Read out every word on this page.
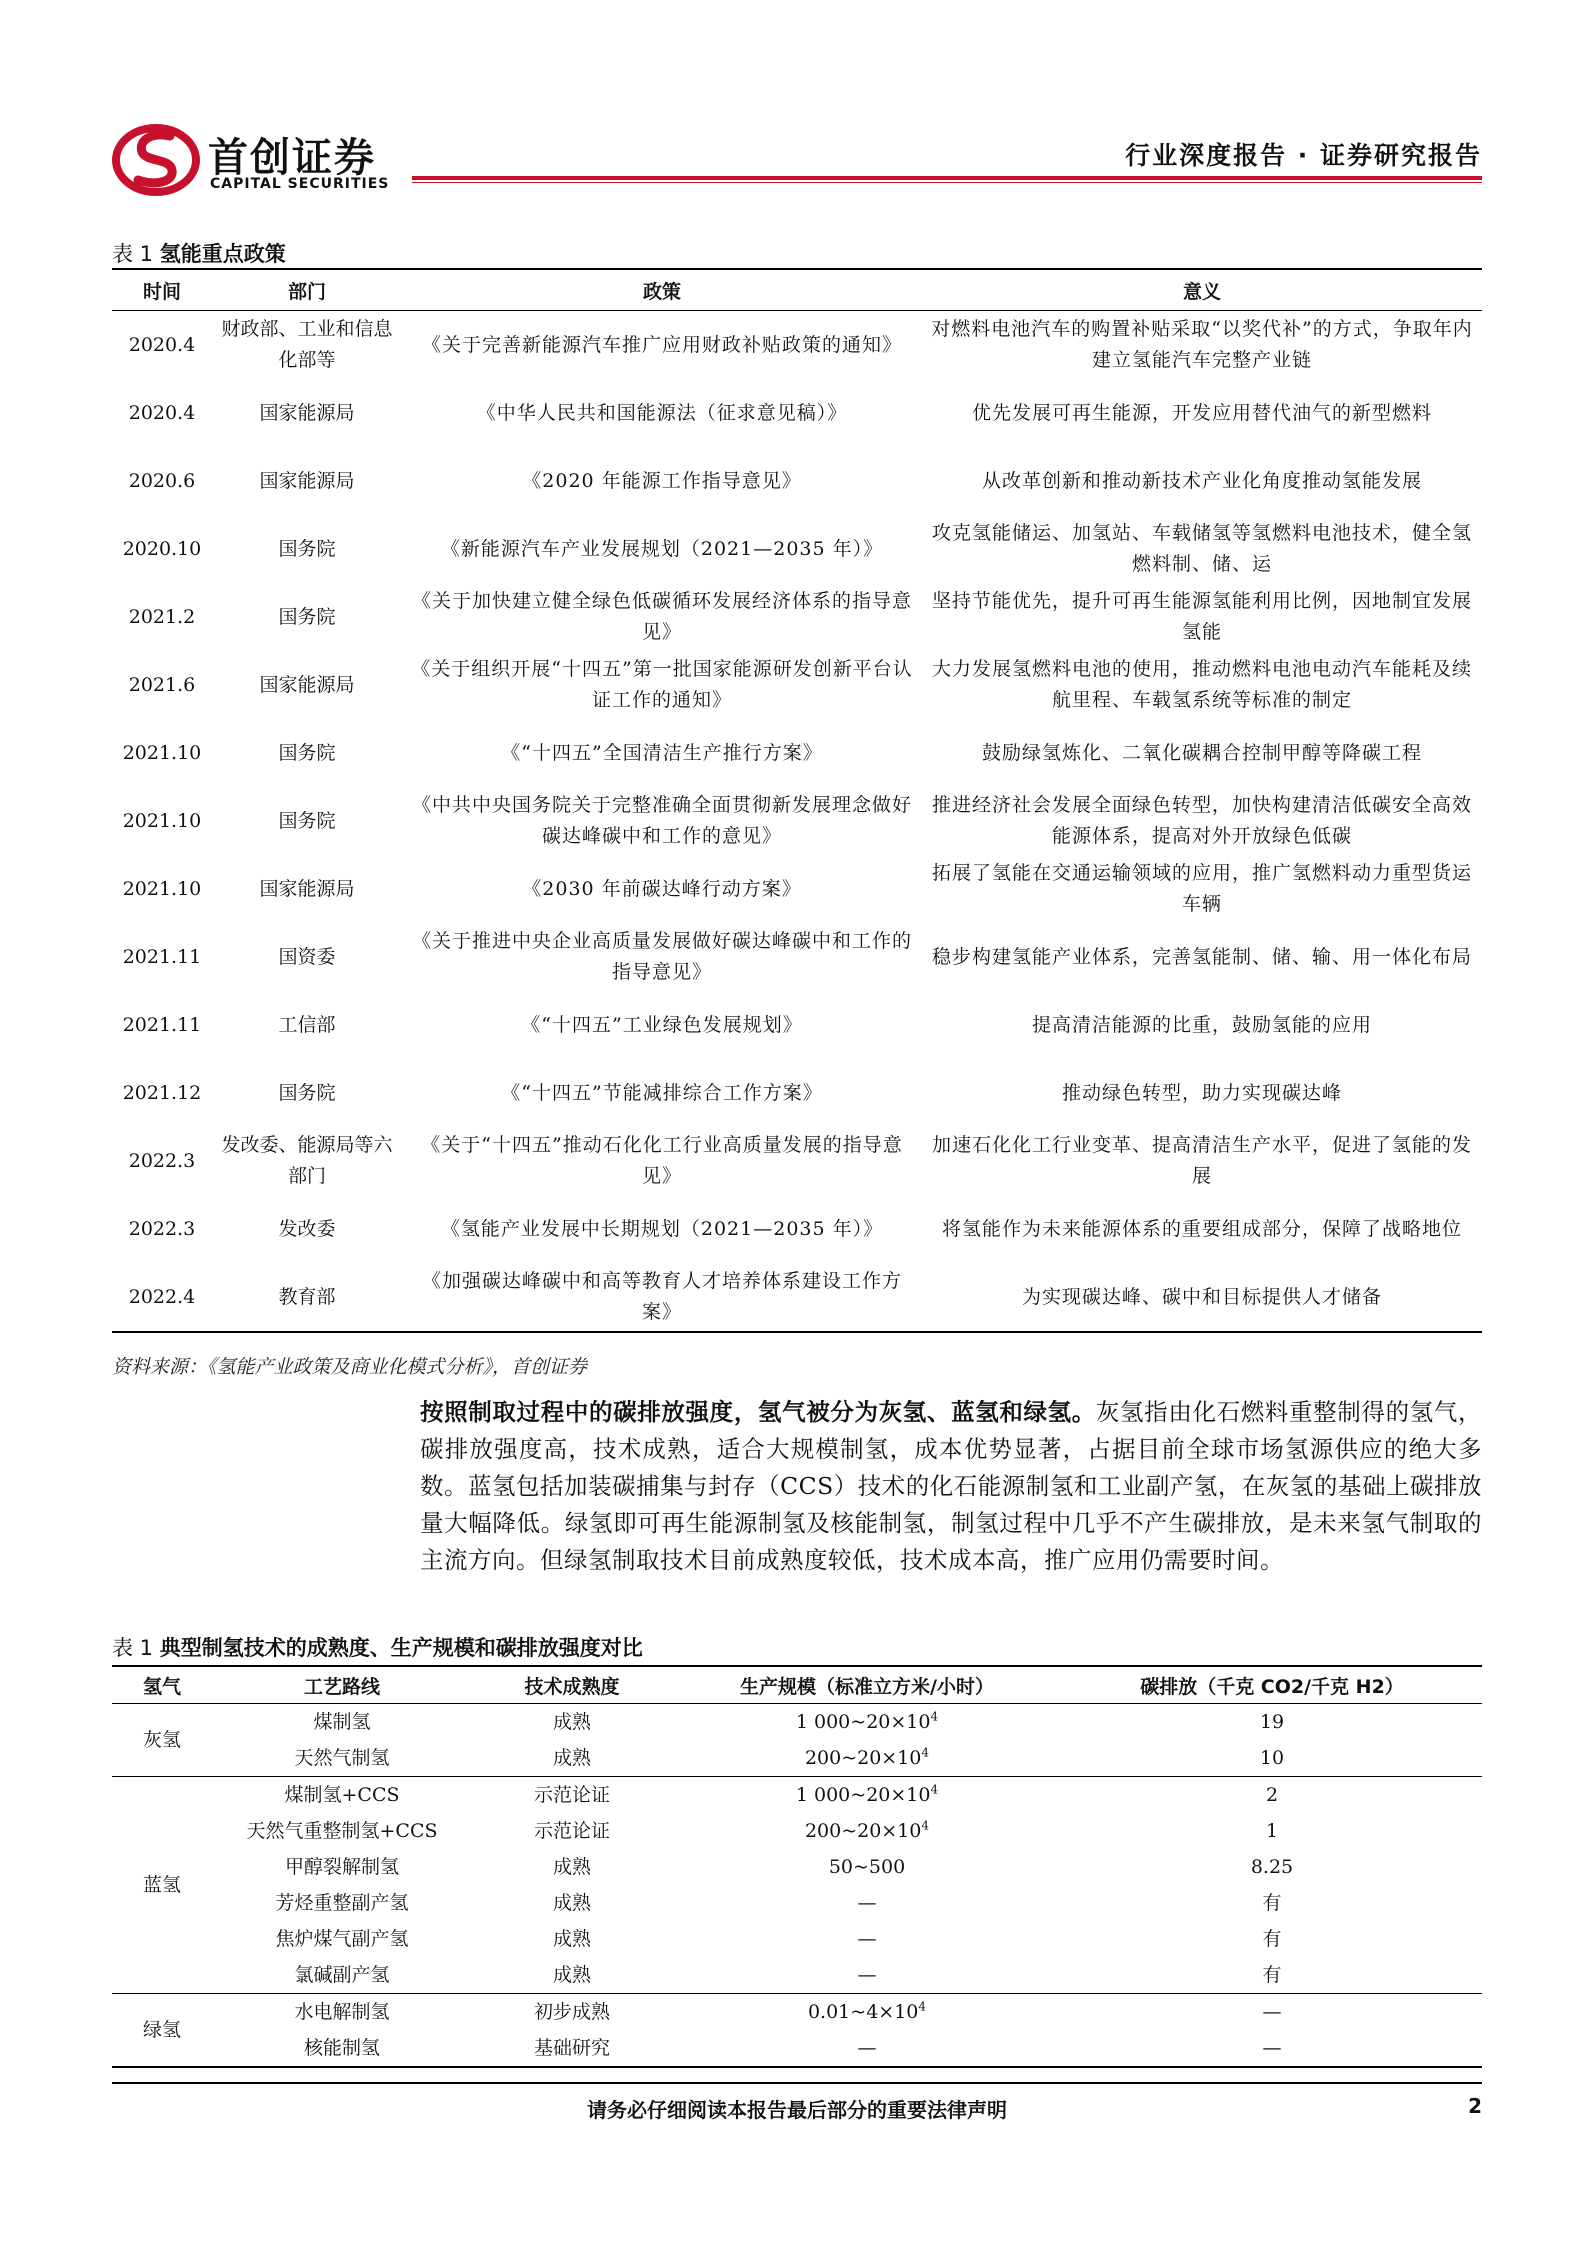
首创证券
CAPITAL SECURITIES
行业深度报告 · 证券研究报告
表 1 氢能重点政策
时间	部门	政策	意义
2020.4	财政部、工业和信息化部等	《关于完善新能源汽车推广应用财政补贴政策的通知》	对燃料电池汽车的购置补贴采取“以奖代补”的方式，争取年内建立氢能汽车完整产业链
2020.4	国家能源局	《中华人民共和国能源法（征求意见稿）》	优先发展可再生能源，开发应用替代油气的新型燃料
2020.6	国家能源局	《2020 年能源工作指导意见》	从改革创新和推动新技术产业化角度推动氢能发展
2020.10	国务院	《新能源汽车产业发展规划（2021—2035 年）》	攻克氢能储运、加氢站、车载储氢等氢燃料电池技术，健全氢燃料制、储、运
2021.2	国务院	《关于加快建立健全绿色低碳循环发展经济体系的指导意见》	坚持节能优先，提升可再生能源氢能利用比例，因地制宜发展氢能
2021.6	国家能源局	《关于组织开展“十四五”第一批国家能源研发创新平台认证工作的通知》	大力发展氢燃料电池的使用，推动燃料电池电动汽车能耗及续航里程、车载氢系统等标准的制定
2021.10	国务院	《“十四五”全国清洁生产推行方案》	鼓励绿氢炼化、二氧化碳耦合控制甲醇等降碳工程
2021.10	国务院	《中共中央国务院关于完整准确全面贯彻新发展理念做好碳达峰碳中和工作的意见》	推进经济社会发展全面绿色转型，加快构建清洁低碳安全高效能源体系，提高对外开放绿色低碳
2021.10	国家能源局	《2030 年前碳达峰行动方案》	拓展了氢能在交通运输领域的应用，推广氢燃料动力重型货运车辆
2021.11	国资委	《关于推进中央企业高质量发展做好碳达峰碳中和工作的指导意见》	稳步构建氢能产业体系，完善氢能制、储、输、用一体化布局
2021.11	工信部	《“十四五”工业绿色发展规划》	提高清洁能源的比重，鼓励氢能的应用
2021.12	国务院	《“十四五”节能减排综合工作方案》	推动绿色转型，助力实现碳达峰
2022.3	发改委、能源局等六部门	《关于“十四五”推动石化化工行业高质量发展的指导意见》	加速石化化工行业变革、提高清洁生产水平，促进了氢能的发展
2022.3	发改委	《氢能产业发展中长期规划（2021—2035 年）》	将氢能作为未来能源体系的重要组成部分，保障了战略地位
2022.4	教育部	《加强碳达峰碳中和高等教育人才培养体系建设工作方案》	为实现碳达峰、碳中和目标提供人才储备
资料来源：《氢能产业政策及商业化模式分析》，首创证券
按照制取过程中的碳排放强度，氢气被分为灰氢、蓝氢和绿氢。灰氢指由化石燃料重整制得的氢气，碳排放强度高，技术成熟，适合大规模制氢，成本优势显著，占据目前全球市场氢源供应的绝大多数。蓝氢包括加装碳捕集与封存（CCS）技术的化石能源制氢和工业副产氢，在灰氢的基础上碳排放量大幅降低。绿氢即可再生能源制氢及核能制氢，制氢过程中几乎不产生碳排放，是未来氢气制取的主流方向。但绿氢制取技术目前成熟度较低，技术成本高，推广应用仍需要时间。
表 1 典型制氢技术的成熟度、生产规模和碳排放强度对比
氢气	工艺路线	技术成熟度	生产规模（标准立方米/小时）	碳排放（千克 CO2/千克 H2）
灰氢	煤制氢	成熟	1 $000\sim 20\times 10^4$	19
	天然气制氢	成熟	$200\sim 20\times 10^4$	10
蓝氢	煤制氢+CCS	示范论证	1 $000\sim 20\times 10^4$	2
	天然气重整制氢+CCS	示范论证	$200\sim 20\times 10^4$	1
	甲醇裂解制氢	成熟	50~500	8.25
	芳烃重整副产氢	成熟	—	有
	焦炉煤气副产氢	成熟	—	有
	氯碱副产氢	成熟	—	有
绿氢	水电解制氢	初步成熟	$0.01\sim 4\times 10^4$	—
	核能制氢	基础研究	—	—
请务必仔细阅读本报告最后部分的重要法律声明	2
